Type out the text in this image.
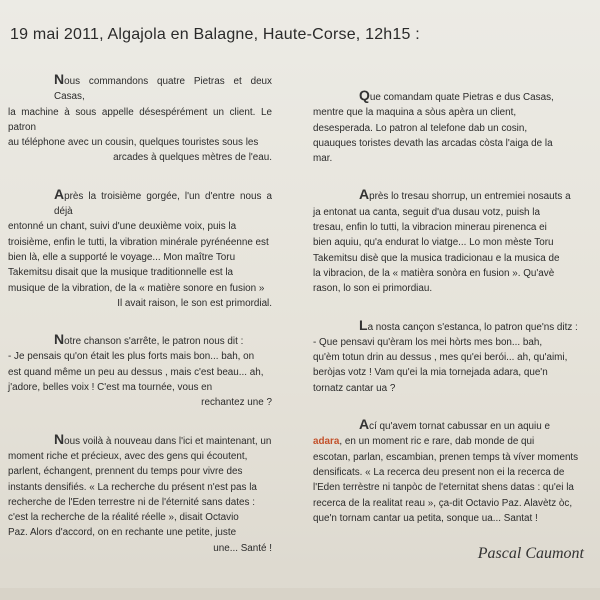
19 mai 2011, Algajola en Balagne, Haute-Corse, 12h15 :
Nous commandons quatre Pietras et deux Casas,
la machine à sous appelle désespérément un client. Le patron
au téléphone avec un cousin, quelques touristes sous les
arcades à quelques mètres de l'eau.
Après la troisième gorgée, l'un d'entre nous a déjà
entonné un chant, suivi d'une deuxième voix, puis la
troisième, enfin le tutti, la vibration minérale pyrénéenne est
bien là, elle a supporté le voyage... Mon maître Toru
Takemitsu disait que la musique traditionnelle est la
musique de la vibration, de la « matière sonore en fusion »
Il avait raison, le son est primordial.
Notre chanson s'arrête, le patron nous dit :
- Je pensais qu'on était les plus forts mais bon... bah, on
est quand même un peu au dessus , mais c'est beau... ah,
j'adore, belles voix ! C'est ma tournée, vous en
rechantez une ?
Nous voilà à nouveau dans l'ici et maintenant, un
moment riche et précieux, avec des gens qui écoutent,
parlent, échangent, prennent du temps pour vivre des
instants densifiés. « La recherche du présent n'est pas la
recherche de l'Eden terrestre ni de l'éternité sans dates :
c'est la recherche de la réalité réelle », disait Octavio
Paz. Alors d'accord, on en rechante une petite, juste
une... Santé !
Que comandam quate Pietras e dus Casas,
mentre que la maquina a sòus apèra un client,
desesperada. Lo patron al telefone dab un cosin,
quauques toristes devath las arcadas còsta l'aiga de la
mar.
Après lo tresau shorrup, un entremiei nosauts a
ja entonat ua canta, seguit d'ua dusau votz, puish la
tresau, enfin lo tutti, la vibracion minerau pirenenca ei
bien aquiu, qu'a endurat lo viatge... Lo mon mèste Toru
Takemitsu disè que la musica tradicionau e la musica de
la vibracion, de la « matièra sonòra en fusion ». Qu'avè
rason, lo son ei primordiau.
La nosta cançon s'estanca, lo patron que'ns ditz :
- Que pensavi qu'èram los mei hòrts mes bon... bah,
qu'èm totun drin au dessus , mes qu'ei berói... ah, qu'aimi,
beròjas votz ! Vam qu'ei la mia tornejada adara, que'n
tornatz cantar ua ?
Ací qu'avem tornat cabussar en un aquiu e
adara, en un moment ric e rare, dab monde de qui
escotan, parlan, escambian, prenen temps tà víver moments
densificats. « La recerca deu present non ei la recerca de
l'Eden terrèstre ni tanpòc de l'eternitat shens datas : qu'ei la
recerca de la realitat reau », ça-dit Octavio Paz. Alavètz òc,
que'n tornam cantar ua petita, sonque ua... Santat !
Pascal Caumont
